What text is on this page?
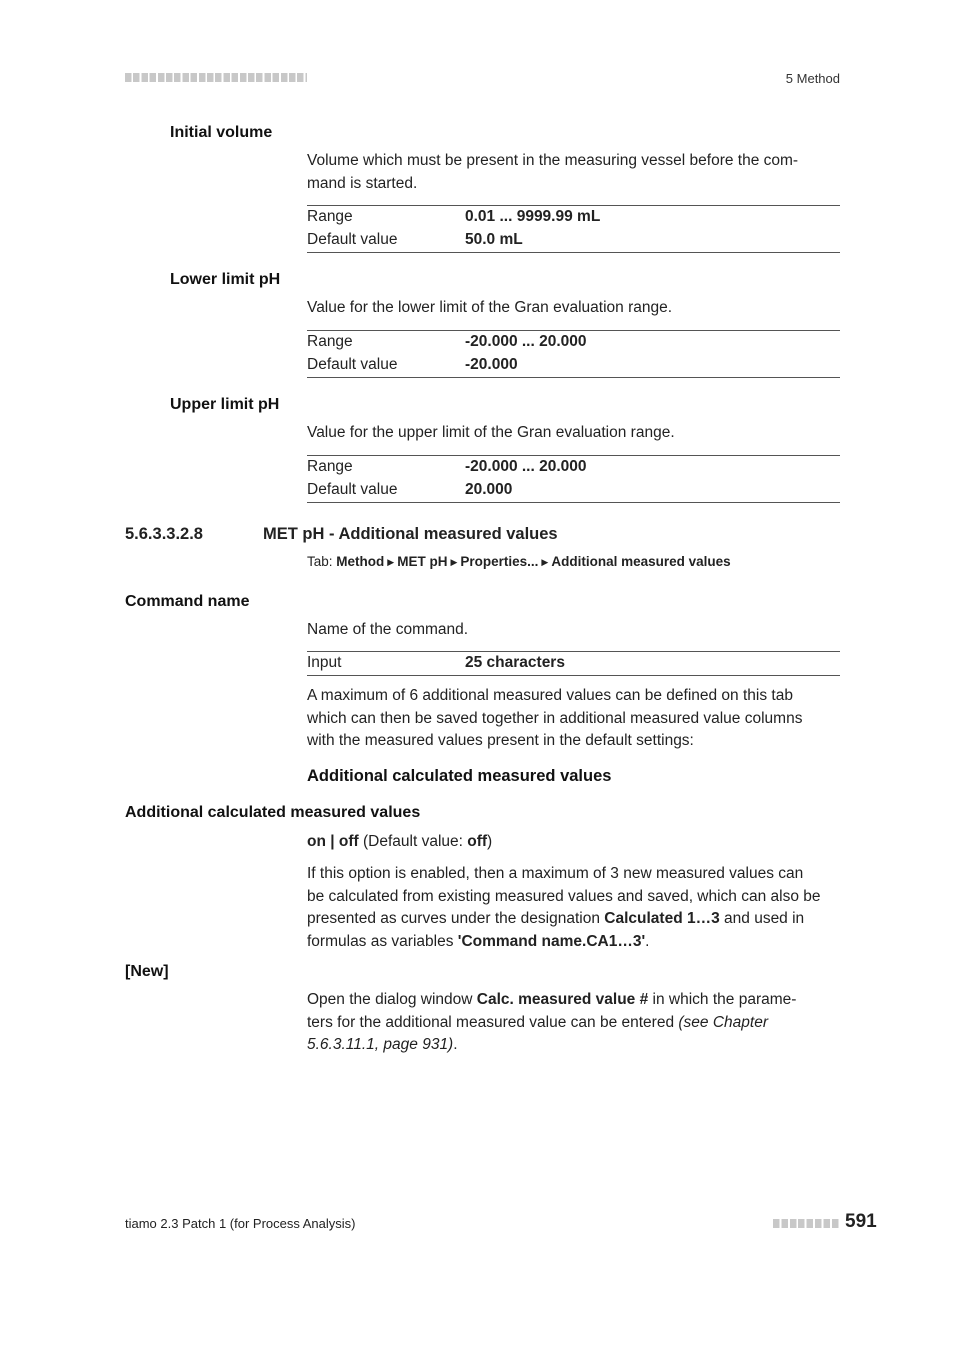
5 Method
Initial volume
Volume which must be present in the measuring vessel before the com-
mand is started.
Range	0.01 ... 9999.99 mL
Default value	50.0 mL
Lower limit pH
Value for the lower limit of the Gran evaluation range.
Range	-20.000 ... 20.000
Default value	-20.000
Upper limit pH
Value for the upper limit of the Gran evaluation range.
Range	-20.000 ... 20.000
Default value	20.000
5.6.3.3.2.8	MET pH - Additional measured values
Tab: Method ▶ MET pH ▶ Properties... ▶ Additional measured values
Command name
Name of the command.
Input	25 characters
A maximum of 6 additional measured values can be defined on this tab
which can then be saved together in additional measured value columns
with the measured values present in the default settings:
Additional calculated measured values
Additional calculated measured values
on | off (Default value: off)
If this option is enabled, then a maximum of 3 new measured values can
be calculated from existing measured values and saved, which can also be
presented as curves under the designation Calculated 1…3 and used in
formulas as variables 'Command name.CA1…3'.
[New]
Open the dialog window Calc. measured value # in which the parame-
ters for the additional measured value can be entered (see Chapter
5.6.3.11.1, page 931).
tiamo 2.3 Patch 1 (for Process Analysis)	591
